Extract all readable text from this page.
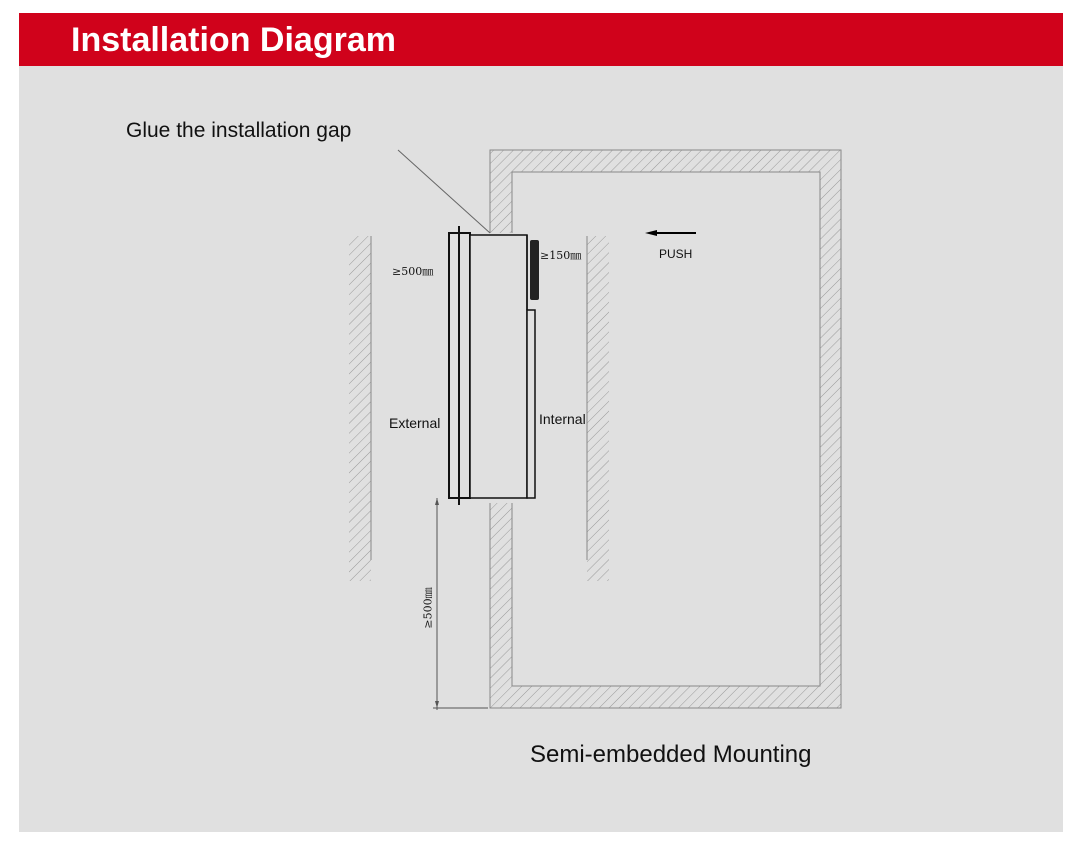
Installation Diagram
Glue the installation gap
PUSH
External	Internal
≥500㎜
≥150㎜
≥500㎜
Semi-embedded Mounting
